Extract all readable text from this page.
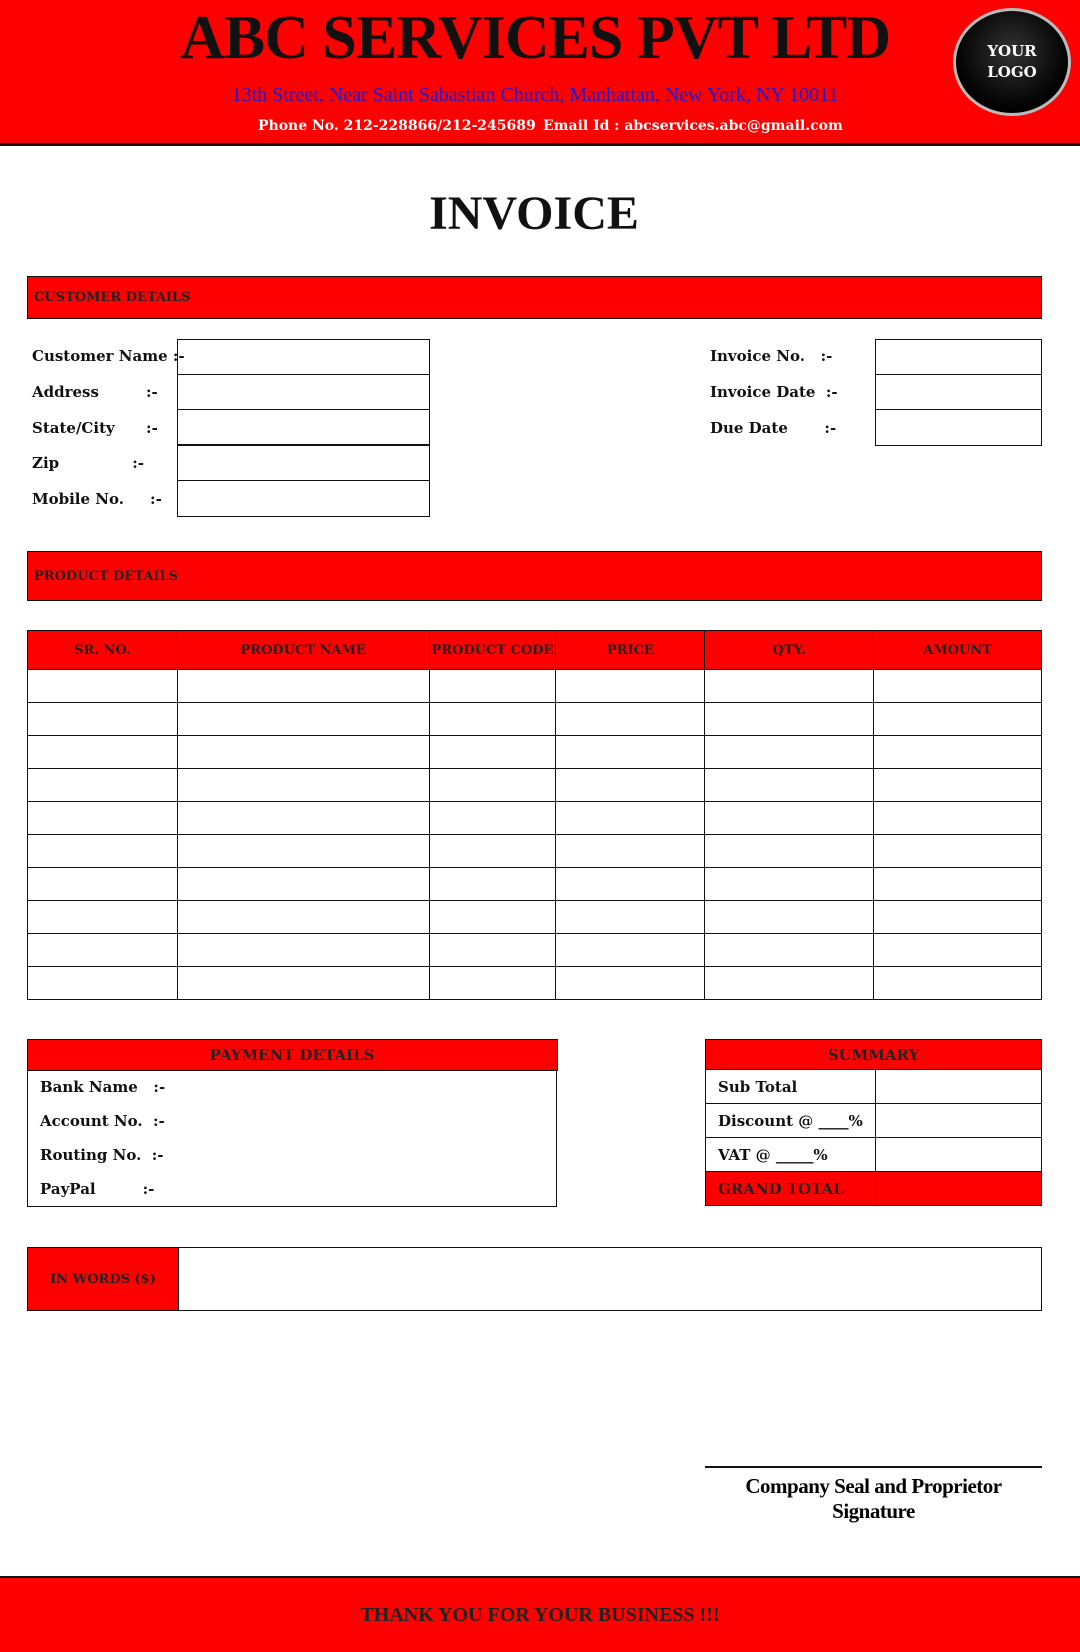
ABC SERVICES PVT LTD
13th Street, Near Saint Sabastian Church, Manhattan, New York, NY 10011
Phone No. 212-228866/212-245689 Email Id : abcservices.abc@gmail.com
YOUR
LOGO
INVOICE
CUSTOMER DETAILS
Customer Name :-
Address         :-
State/City      :-
Zip              :-
Mobile No.     :-
Invoice No.   :-
Invoice Date  :-
Due Date       :-
PRODUCT DETAILS
SR. NO.	PRODUCT NAME	PRODUCT CODE	PRICE	QTY.	AMOUNT

PAYMENT DETAILS
Bank Name   :-
Account No.  :-
Routing No.  :-
PayPal         :-
SUMMARY
Sub Total	
Discount @ ____%	
VAT @ _____%	
GRAND TOTAL	
IN WORDS ($)
Company Seal and Proprietor
Signature
THANK YOU FOR YOUR BUSINESS !!!
